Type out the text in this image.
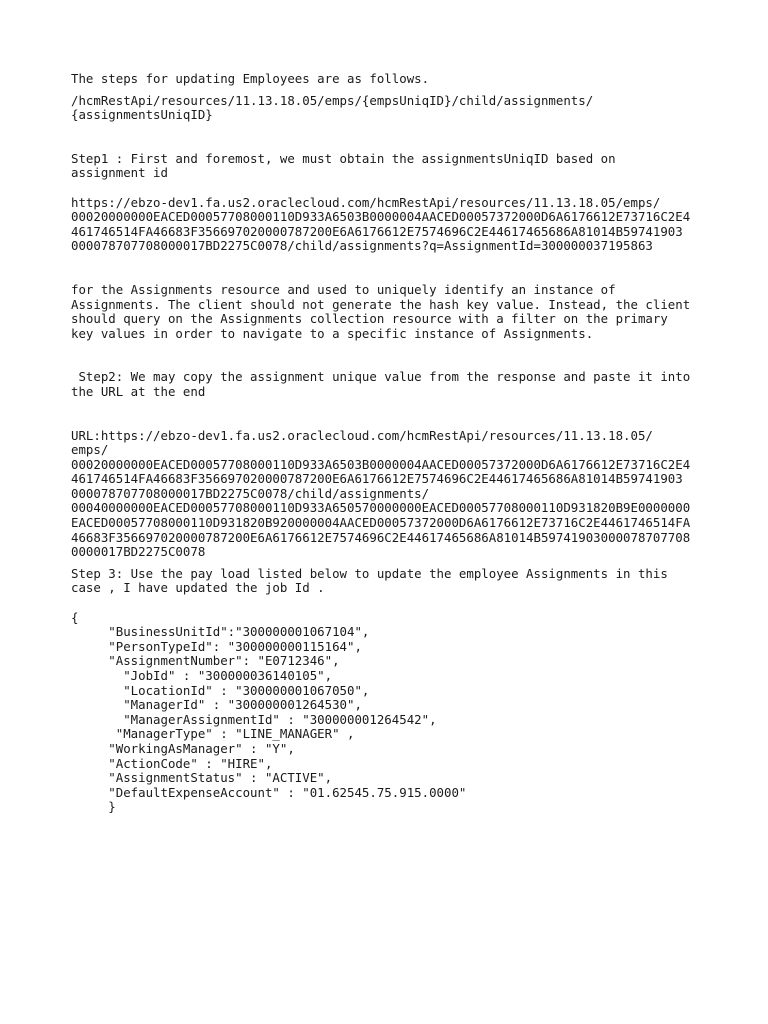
The steps for updating Employees are as follows.
/hcmRestApi/resources/11.13.18.05/emps/{empsUniqID}/child/assignments/
{assignmentsUniqID}
Step1 : First and foremost, we must obtain the assignmentsUniqID based on
assignment id
https://ebzo-dev1.fa.us2.oraclecloud.com/hcmRestApi/resources/11.13.18.05/emps/
00020000000EACED00057708000110D933A6503B0000004AACED00057372000D6A6176612E73716C2E4
461746514FA46683F356697020000787200E6A6176612E7574696C2E44617465686A81014B59741903
000078707708000017BD2275C0078/child/assignments?q=AssignmentId=300000037195863
for the Assignments resource and used to uniquely identify an instance of
Assignments. The client should not generate the hash key value. Instead, the client
should query on the Assignments collection resource with a filter on the primary
key values in order to navigate to a specific instance of Assignments.
Step2: We may copy the assignment unique value from the response and paste it into
the URL at the end
URL:https://ebzo-dev1.fa.us2.oraclecloud.com/hcmRestApi/resources/11.13.18.05/
emps/
00020000000EACED00057708000110D933A6503B0000004AACED00057372000D6A6176612E73716C2E4
461746514FA46683F356697020000787200E6A6176612E7574696C2E44617465686A81014B59741903
000078707708000017BD2275C0078/child/assignments/
00040000000EACED00057708000110D933A650570000000EACED00057708000110D931820B9E0000000
EACED00057708000110D931820B920000004AACED00057372000D6A6176612E73716C2E4461746514FA
46683F356697020000787200E6A6176612E7574696C2E44617465686A81014B59741903000078707708
0000017BD2275C0078
Step 3: Use the pay load listed below to update the employee Assignments in this
case , I have updated the job Id .
{
"BusinessUnitId":"300000001067104",
"PersonTypeId": "300000000115164",
"AssignmentNumber": "E0712346",
"JobId" : "300000036140105",
"LocationId" : "300000001067050",
"ManagerId" : "300000001264530",
"ManagerAssignmentId" : "300000001264542",
"ManagerType" : "LINE_MANAGER" ,
"WorkingAsManager" : "Y",
"ActionCode" : "HIRE",
"AssignmentStatus" : "ACTIVE",
"DefaultExpenseAccount" : "01.62545.75.915.0000"
}
